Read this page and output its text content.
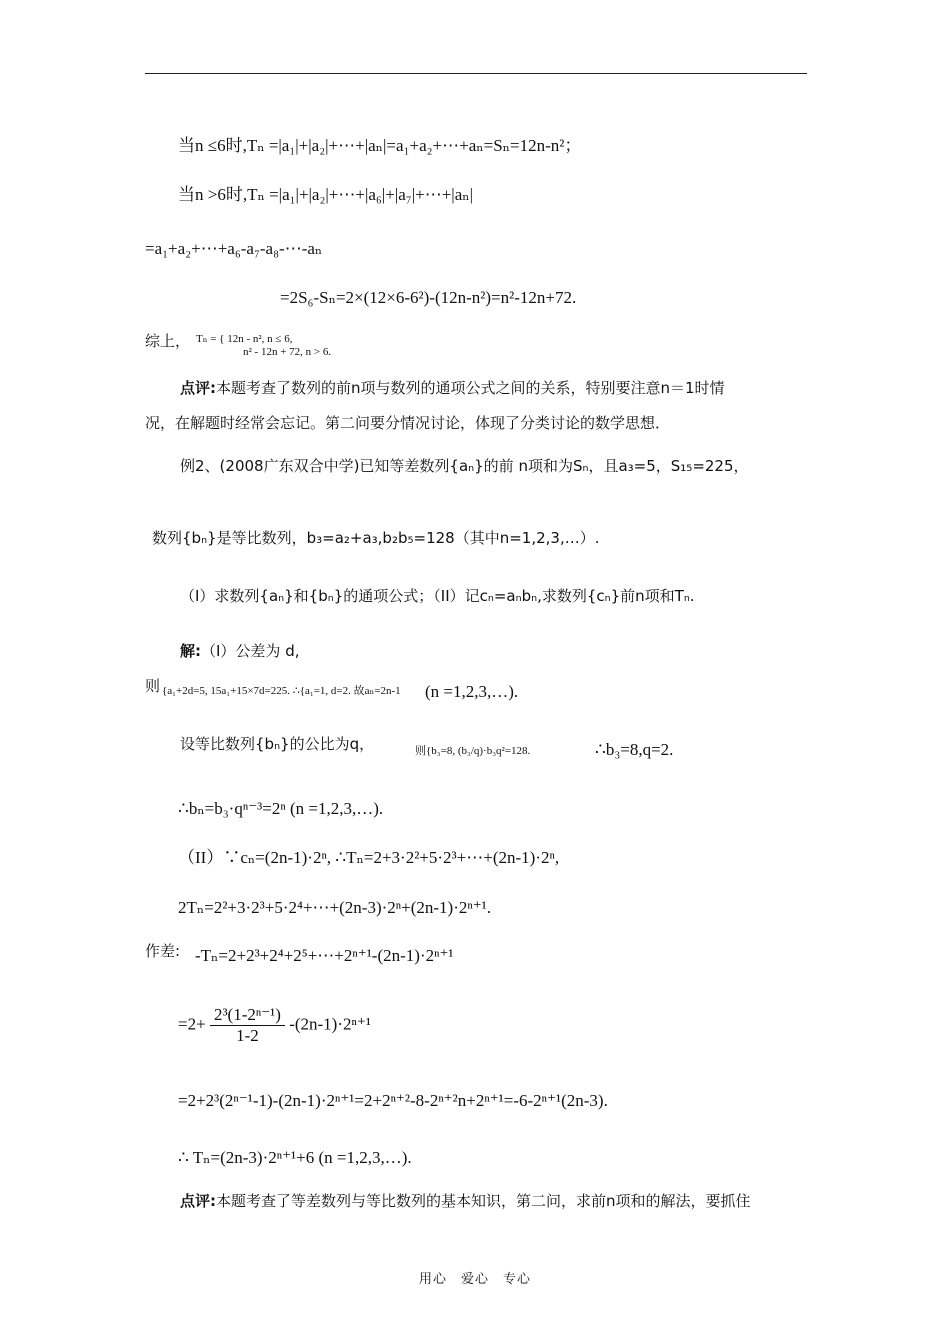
当n ≤6时,Tₙ =|a₁|+|a₂|+⋯+|aₙ|=a₁+a₂+⋯+aₙ=Sₙ=12n-n²；
当n >6时,Tₙ =|a₁|+|a₂|+⋯+|a₆|+|a₇|+⋯+|aₙ|
=a₁+a₂+⋯+a₆-a₇-a₈-⋯-aₙ
=2S₆-Sₙ=2×(12×6-6²)-(12n-n²)=n²-12n+72.
综上， Tₙ = { 12n - n², n ≤ 6,
n² - 12n + 72, n > 6.
点评:本题考查了数列的前n项与数列的通项公式之间的关系，特别要注意n＝1时情
况，在解题时经常会忘记。第二问要分情况讨论，体现了分类讨论的数学思想．
例2、(2008广东双合中学)已知等差数列{aₙ}的前 n项和为Sₙ，且a₃=5，S₁₅=225，
数列{bₙ}是等比数列，b₃=a₂+a₃,b₂b₅=128（其中n=1,2,3,…）.
（I）求数列{aₙ}和{bₙ}的通项公式；（II）记cₙ=aₙbₙ,求数列{cₙ}前n项和Tₙ.
解:（I）公差为 d,
则 {a₁+2d=5, 15a₁+15×7d=225. ∴{a₁=1, d=2. 故aₙ=2n-1 (n =1,2,3,…).
设等比数列{bₙ}的公比为q，	则{b₃=8, (b₃/q)·b₃q²=128.	∴b₃=8,q=2.
∴bₙ=b₃·qⁿ⁻³=2ⁿ (n =1,2,3,…).
（II）∵cₙ=(2n-1)·2ⁿ, ∴Tₙ=2+3·2²+5·2³+⋯+(2n-1)·2ⁿ,
2Tₙ=2²+3·2³+5·2⁴+⋯+(2n-3)·2ⁿ+(2n-1)·2ⁿ⁺¹.
作差: -Tₙ=2+2³+2⁴+2⁵+⋯+2ⁿ⁺¹-(2n-1)·2ⁿ⁺¹
$=2+ \frac{\text{2³(1-2ⁿ⁻¹)}}{1-2} -(2n-1)\cdot 2^{n+1}$
=2+2³(2ⁿ⁻¹-1)-(2n-1)·2ⁿ⁺¹=2+2ⁿ⁺²-8-2ⁿ⁺²n+2ⁿ⁺¹=-6-2ⁿ⁺¹(2n-3).
∴ Tₙ=(2n-3)·2ⁿ⁺¹+6 (n =1,2,3,…).
点评:本题考查了等差数列与等比数列的基本知识，第二问，求前n项和的解法，要抓住
用心　爱心　专心
